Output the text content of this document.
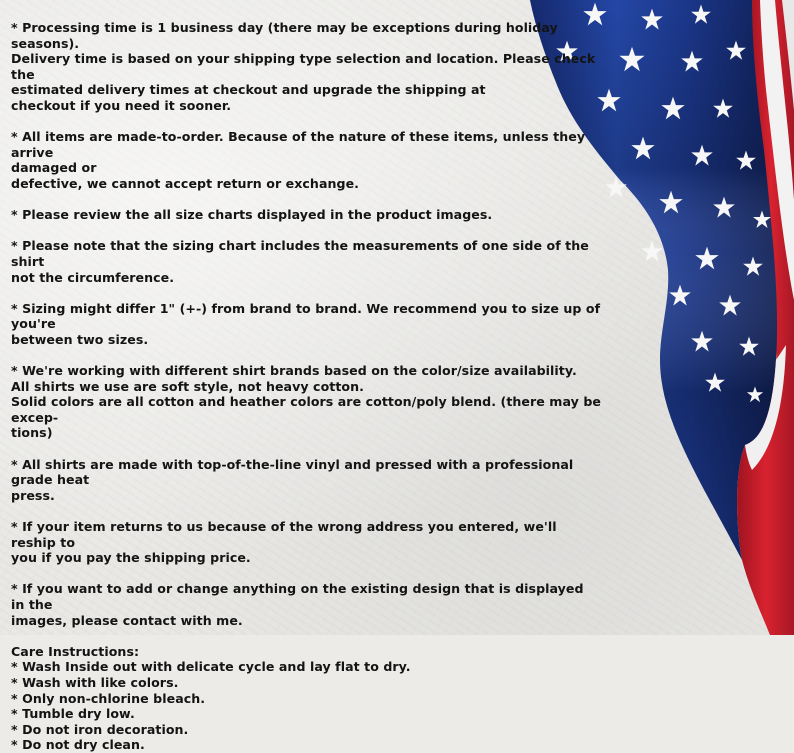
* Processing time is 1 business day (there may be exceptions during holiday seasons).
Delivery time is based on your shipping type selection and location. Please check the
estimated delivery times at checkout and upgrade the shipping at
checkout if you need it sooner.

* All items are made-to-order. Because of the nature of these items, unless they arrive
damaged or
defective, we cannot accept return or exchange.

* Please review the all size charts displayed in the product images.

* Please note that the sizing chart includes the measurements of one side of the shirt
not the circumference.

* Sizing might differ 1" (+-) from brand to brand. We recommend you to size up of you're
between two sizes.

* We're working with different shirt brands based on the color/size availability.
All shirts we use are soft style, not heavy cotton.
Solid colors are all cotton and heather colors are cotton/poly blend. (there may be excep-
tions)

* All shirts are made with top-of-the-line vinyl and pressed with a professional grade heat
press.

* If your item returns to us because of the wrong address you entered, we'll reship to
you if you pay the shipping price.

* If you want to add or change anything on the existing design that is displayed in the
images, please contact with me.

Care Instructions:
* Wash Inside out with delicate cycle and lay flat to dry.
* Wash with like colors.
* Only non-chlorine bleach.
* Tumble dry low.
* Do not iron decoration.
* Do not dry clean.
